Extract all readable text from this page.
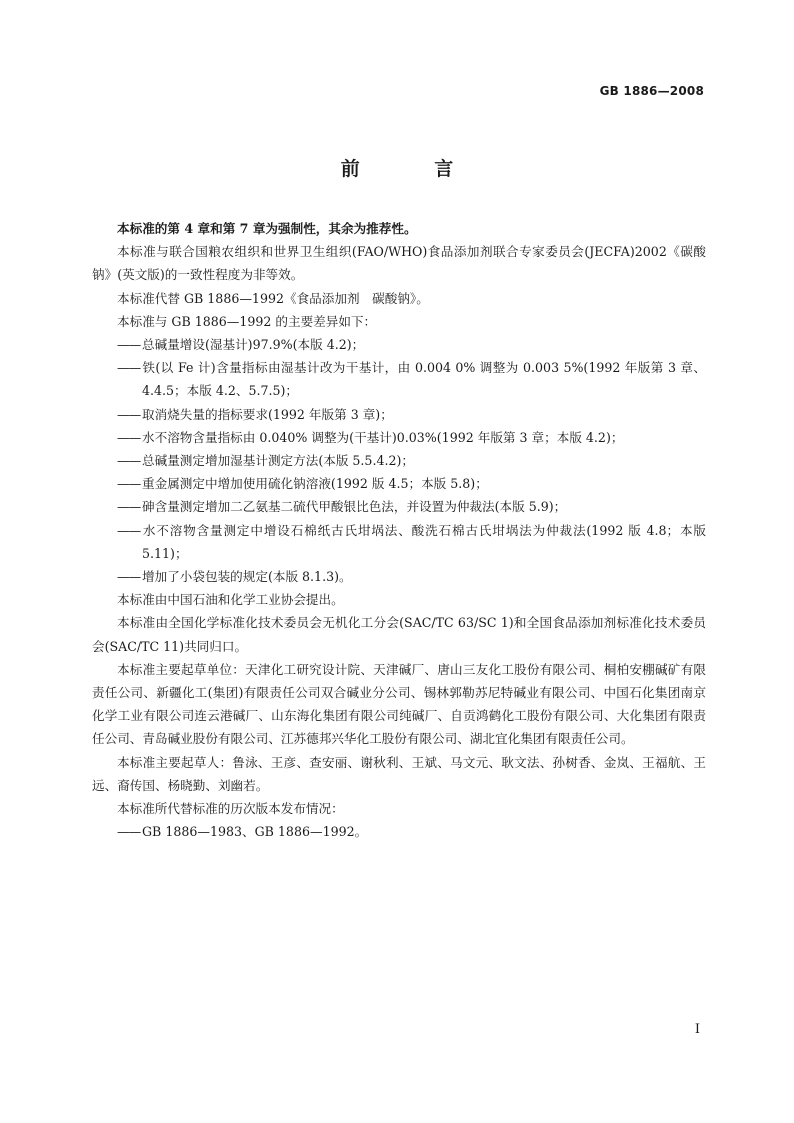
GB 1886—2008
前 言

本标准的第 4 章和第 7 章为强制性，其余为推荐性。

本标准与联合国粮农组织和世界卫生组织(FAO/WHO)食品添加剂联合专家委员会(JECFA)2002《碳酸钠》(英文版)的一致性程度为非等效。

本标准代替 GB 1886—1992《食品添加剂　碳酸钠》。

本标准与 GB 1886—1992 的主要差异如下：

—— 总碱量增设(湿基计)97.9%(本版 4.2)；

—— 铁(以 Fe 计)含量指标由湿基计改为干基计，由 0.004 0% 调整为 0.003 5%(1992 年版第 3 章、4.4.5；本版 4.2、5.7.5)；

—— 取消烧失量的指标要求(1992 年版第 3 章)；

—— 水不溶物含量指标由 0.040% 调整为(干基计)0.03%(1992 年版第 3 章；本版 4.2)；

—— 总碱量测定增加湿基计测定方法(本版 5.5.4.2)；

—— 重金属测定中增加使用硫化钠溶液(1992 版 4.5；本版 5.8)；

—— 砷含量测定增加二乙氨基二硫代甲酸银比色法，并设置为仲裁法(本版 5.9)；

—— 水不溶物含量测定中增设石棉纸古氏坩埚法、酸洗石棉古氏坩埚法为仲裁法(1992 版 4.8；本版 5.11)；

—— 增加了小袋包装的规定(本版 8.1.3)。

本标准由中国石油和化学工业协会提出。

本标准由全国化学标准化技术委员会无机化工分会(SAC/TC 63/SC 1)和全国食品添加剂标准化技术委员会(SAC/TC 11)共同归口。

本标准主要起草单位：天津化工研究设计院、天津碱厂、唐山三友化工股份有限公司、桐柏安棚碱矿有限责任公司、新疆化工(集团)有限责任公司双合碱业分公司、锡林郭勒苏尼特碱业有限公司、中国石化集团南京化学工业有限公司连云港碱厂、山东海化集团有限公司纯碱厂、自贡鸿鹤化工股份有限公司、大化集团有限责任公司、青岛碱业股份有限公司、江苏德邦兴华化工股份有限公司、湖北宜化集团有限责任公司。

本标准主要起草人：鲁泳、王彦、查安丽、谢秋利、王斌、马文元、耿文法、孙树香、金岚、王福航、王远、裔传国、杨晓勤、刘幽若。

本标准所代替标准的历次版本发布情况：

—— GB 1886—1983、GB 1886—1992。

I
